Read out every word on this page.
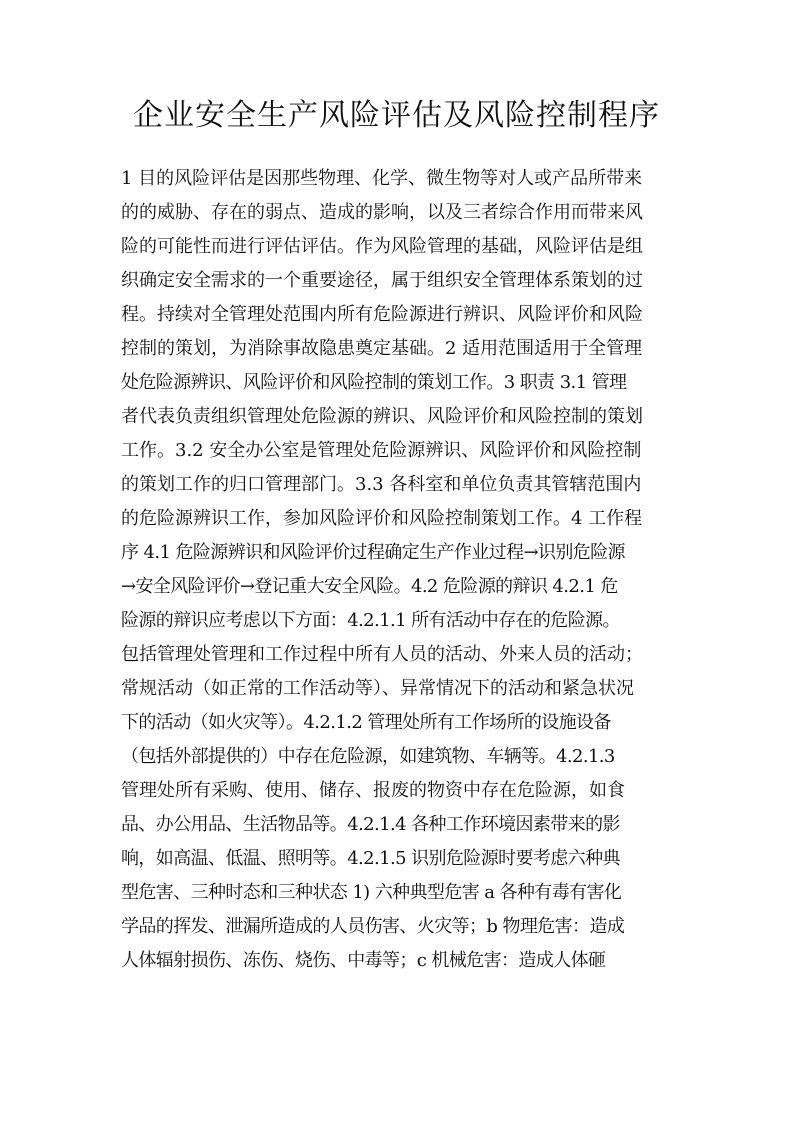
企业安全生产风险评估及风险控制程序
1 目的风险评估是因那些物理、化学、微生物等对人或产品所带来
的的威胁、存在的弱点、造成的影响，以及三者综合作用而带来风
险的可能性而进行评估评估。作为风险管理的基础，风险评估是组
织确定安全需求的一个重要途径，属于组织安全管理体系策划的过
程。持续对全管理处范围内所有危险源进行辨识、风险评价和风险
控制的策划，为消除事故隐患奠定基础。2 适用范围适用于全管理
处危险源辨识、风险评价和风险控制的策划工作。3 职责 3.1 管理
者代表负责组织管理处危险源的辨识、风险评价和风险控制的策划
工作。3.2 安全办公室是管理处危险源辨识、风险评价和风险控制
的策划工作的归口管理部门。3.3 各科室和单位负责其管辖范围内
的危险源辨识工作，参加风险评价和风险控制策划工作。4 工作程
序 4.1 危险源辨识和风险评价过程确定生产作业过程→识别危险源
→安全风险评价→登记重大安全风险。4.2 危险源的辩识 4.2.1 危
险源的辩识应考虑以下方面：4.2.1.1 所有活动中存在的危险源。
包括管理处管理和工作过程中所有人员的活动、外来人员的活动；
常规活动（如正常的工作活动等）、异常情况下的活动和紧急状况
下的活动（如火灾等）。4.2.1.2 管理处所有工作场所的设施设备
（包括外部提供的）中存在危险源，如建筑物、车辆等。4.2.1.3
管理处所有采购、使用、储存、报废的物资中存在危险源，如食
品、办公用品、生活物品等。4.2.1.4 各种工作环境因素带来的影
响，如高温、低温、照明等。4.2.1.5 识别危险源时要考虑六种典
型危害、三种时态和三种状态 1) 六种典型危害 a 各种有毒有害化
学品的挥发、泄漏所造成的人员伤害、火灾等；b 物理危害：造成
人体辐射损伤、冻伤、烧伤、中毒等；c 机械危害：造成人体砸
